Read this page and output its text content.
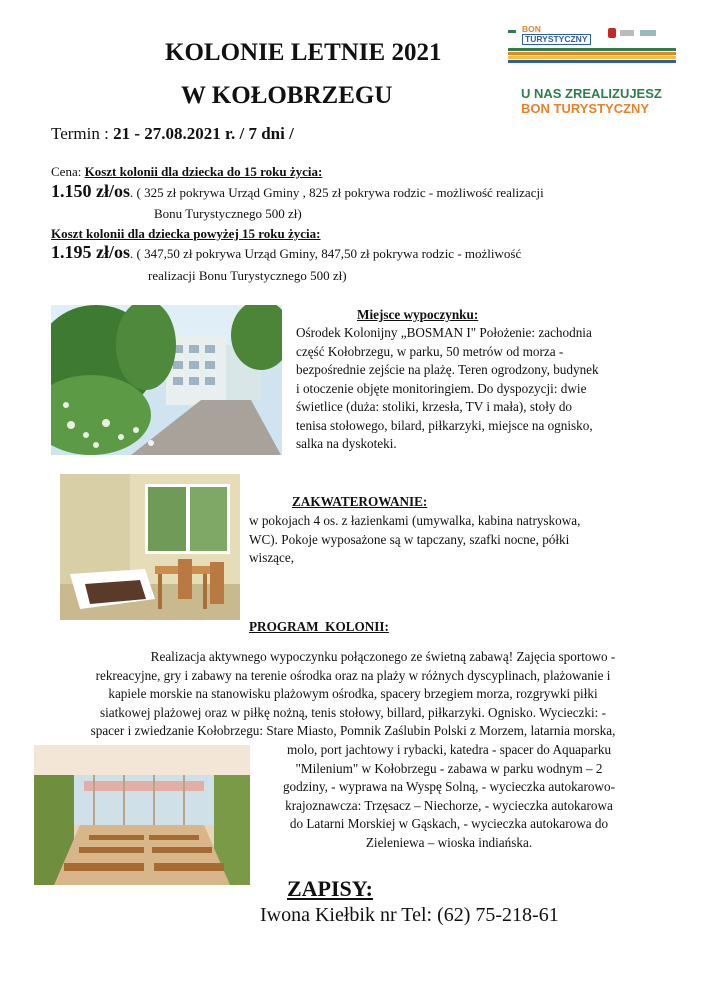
KOLONIE LETNIE 2021
W KOŁOBRZEGU
BON
TURYSTYCZNY
U NAS ZREALIZUJESZ
BON TURYSTYCZNY
Termin : 21 - 27.08.2021 r. / 7 dni /
Cena: Koszt kolonii dla dziecka do 15 roku życia:
1.150 zł/os. ( 325 zł pokrywa Urząd Gminy , 825 zł pokrywa rodzic - możliwość realizacji
Bonu Turystycznego 500 zł)
Koszt kolonii dla dziecka powyżej 15 roku życia:
1.195 zł/os. ( 347,50 zł pokrywa Urząd Gminy, 847,50 zł pokrywa rodzic - możliwość
realizacji Bonu Turystycznego 500 zł)
Miejsce wypoczynku:
Ośrodek Kolonijny „BOSMAN I" Położenie: zachodnia
część Kołobrzegu, w parku, 50 metrów od morza -
bezpośrednie zejście na plażę. Teren ogrodzony, budynek
i otoczenie objęte monitoringiem. Do dyspozycji: dwie
świetlice (duża: stoliki, krzesła, TV i mała), stoły do
tenisa stołowego, bilard, piłkarzyki, miejsce na ognisko,
salka na dyskoteki.
ZAKWATEROWANIE:
w pokojach 4 os. z łazienkami (umywalka, kabina natryskowa,
WC). Pokoje wyposażone są w tapczany, szafki nocne, półki
wiszące,
PROGRAM  KOLONII:
Realizacja aktywnego wypoczynku połączonego ze świetną zabawą! Zajęcia sportowo -
rekreacyjne, gry i zabawy na terenie ośrodka oraz na plaży w różnych dyscyplinach, plażowanie i
kapiele morskie na stanowisku plażowym ośrodka, spacery brzegiem morza, rozgrywki piłki
siatkowej plażowej oraz w piłkę nożną, tenis stołowy, billard, piłkarzyki. Ognisko. Wycieczki: -
spacer i zwiedzanie Kołobrzegu: Stare Miasto, Pomnik Zaślubin Polski z Morzem, latarnia morska,
molo, port jachtowy i rybacki, katedra - spacer do Aquaparku
"Milenium" w Kołobrzegu - zabawa w parku wodnym – 2
godziny, - wyprawa na Wyspę Solną, - wycieczka autokarowo-
krajoznawcza: Trzęsacz – Niechorze, - wycieczka autokarowa
do Latarni Morskiej w Gąskach, - wycieczka autokarowa do
Zieleniewa – wioska indiańska.
ZAPISY:
Iwona Kiełbik nr Tel: (62) 75-218-61
